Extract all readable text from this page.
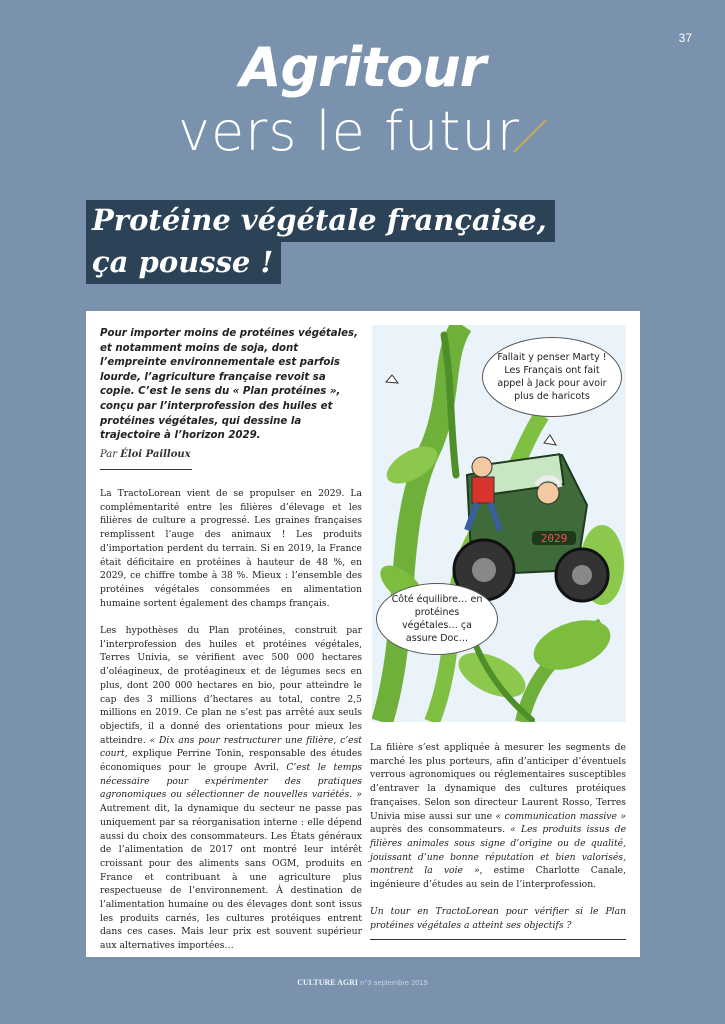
37
Agritour
vers le futur
Protéine végétale française,
ça pousse !
Pour importer moins de protéines végétales, et notamment moins de soja, dont l’empreinte environnementale est parfois lourde, l’agriculture française revoit sa copie. C’est le sens du « Plan protéines », conçu par l’interprofession des huiles et protéines végétales, qui dessine la trajectoire à l’horizon 2029.
Par Éloi Pailloux

La TractoLorean vient de se propulser en 2029. La complémentarité entre les filières d’élevage et les filières de culture a progressé. Les graines françaises remplissent l’auge des animaux ! Les produits d’importation perdent du terrain. Si en 2019, la France était déficitaire en protéines à hauteur de 48 %, en 2029, ce chiffre tombe à 38 %. Mieux : l’ensemble des protéines végétales consommées en alimentation humaine sortent également des champs français.

Les hypothèses du Plan protéines, construit par l’interprofession des huiles et protéines végétales, Terres Univia, se vérifient avec 500 000 hectares d’oléagineux, de protéagineux et de légumes secs en plus, dont 200 000 hectares en bio, pour atteindre le cap des 3 millions d’hectares au total, contre 2,5 millions en 2019. Ce plan ne s’est pas arrêté aux seuls objectifs, il a donné des orientations pour mieux les atteindre. « Dix ans pour restructurer une filière, c’est court, explique Perrine Tonin, responsable des études économiques pour le groupe Avril. C’est le temps nécessaire pour expérimenter des pratiques agronomiques ou sélectionner de nouvelles variétés. » Autrement dit, la dynamique du secteur ne passe pas uniquement par sa réorganisation interne : elle dépend aussi du choix des consommateurs. Les États généraux de l’alimentation de 2017 ont montré leur intérêt croissant pour des aliments sans OGM, produits en France et contribuant à une agriculture plus respectueuse de l’environnement. À destination de l’alimentation humaine ou des élevages dont sont issus les produits carnés, les cultures protéiques entrent dans ces cases. Mais leur prix est souvent supérieur aux alternatives importées…

2029
Fallait y penser Marty ! Les Français ont fait appel à Jack pour avoir plus de haricots
Côté équilibre… en protéines végétales… ça assure Doc…

La filière s’est appliquée à mesurer les segments de marché les plus porteurs, afin d’anticiper d’éventuels verrous agronomiques ou réglementaires susceptibles d’entraver la dynamique des cultures protéiques françaises. Selon son directeur Laurent Rosso, Terres Univia mise aussi sur une « communication massive » auprès des consommateurs. « Les produits issus de filières animales sous signe d’origine ou de qualité, jouissant d’une bonne réputation et bien valorisés, montrent la voie », estime Charlotte Canale, ingénieure d’études au sein de l’interprofession.

Un tour en TractoLorean pour vérifier si le Plan protéines végétales a atteint ses objectifs ?

CULTURE AGRI n°3 septembre 2019
